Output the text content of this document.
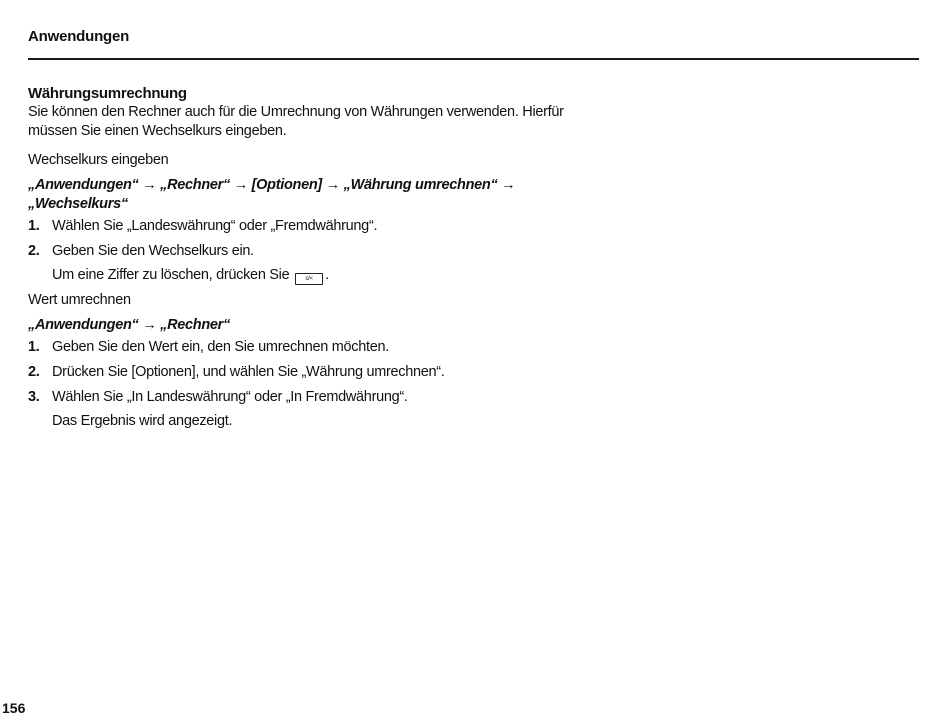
Anwendungen

Währungsumrechnung

Sie können den Rechner auch für die Umrechnung von Währungen verwenden. Hierfür müssen Sie einen Wechselkurs eingeben.

Wechselkurs eingeben

„Anwendungen“ → „Rechner“ → [Optionen] → „Währung umrechnen“ →
„Wechselkurs“

1. Wählen Sie „Landeswährung“ oder „Fremdwährung“.
2. Geben Sie den Wechselkurs ein.
Um eine Ziffer zu löschen, drücken Sie	c/< .

Wert umrechnen

„Anwendungen“ → „Rechner“

1. Geben Sie den Wert ein, den Sie umrechnen möchten.
2. Drücken Sie [Optionen], und wählen Sie „Währung umrechnen“.
3. Wählen Sie „In Landeswährung“ oder „In Fremdwährung“.
Das Ergebnis wird angezeigt.
156
